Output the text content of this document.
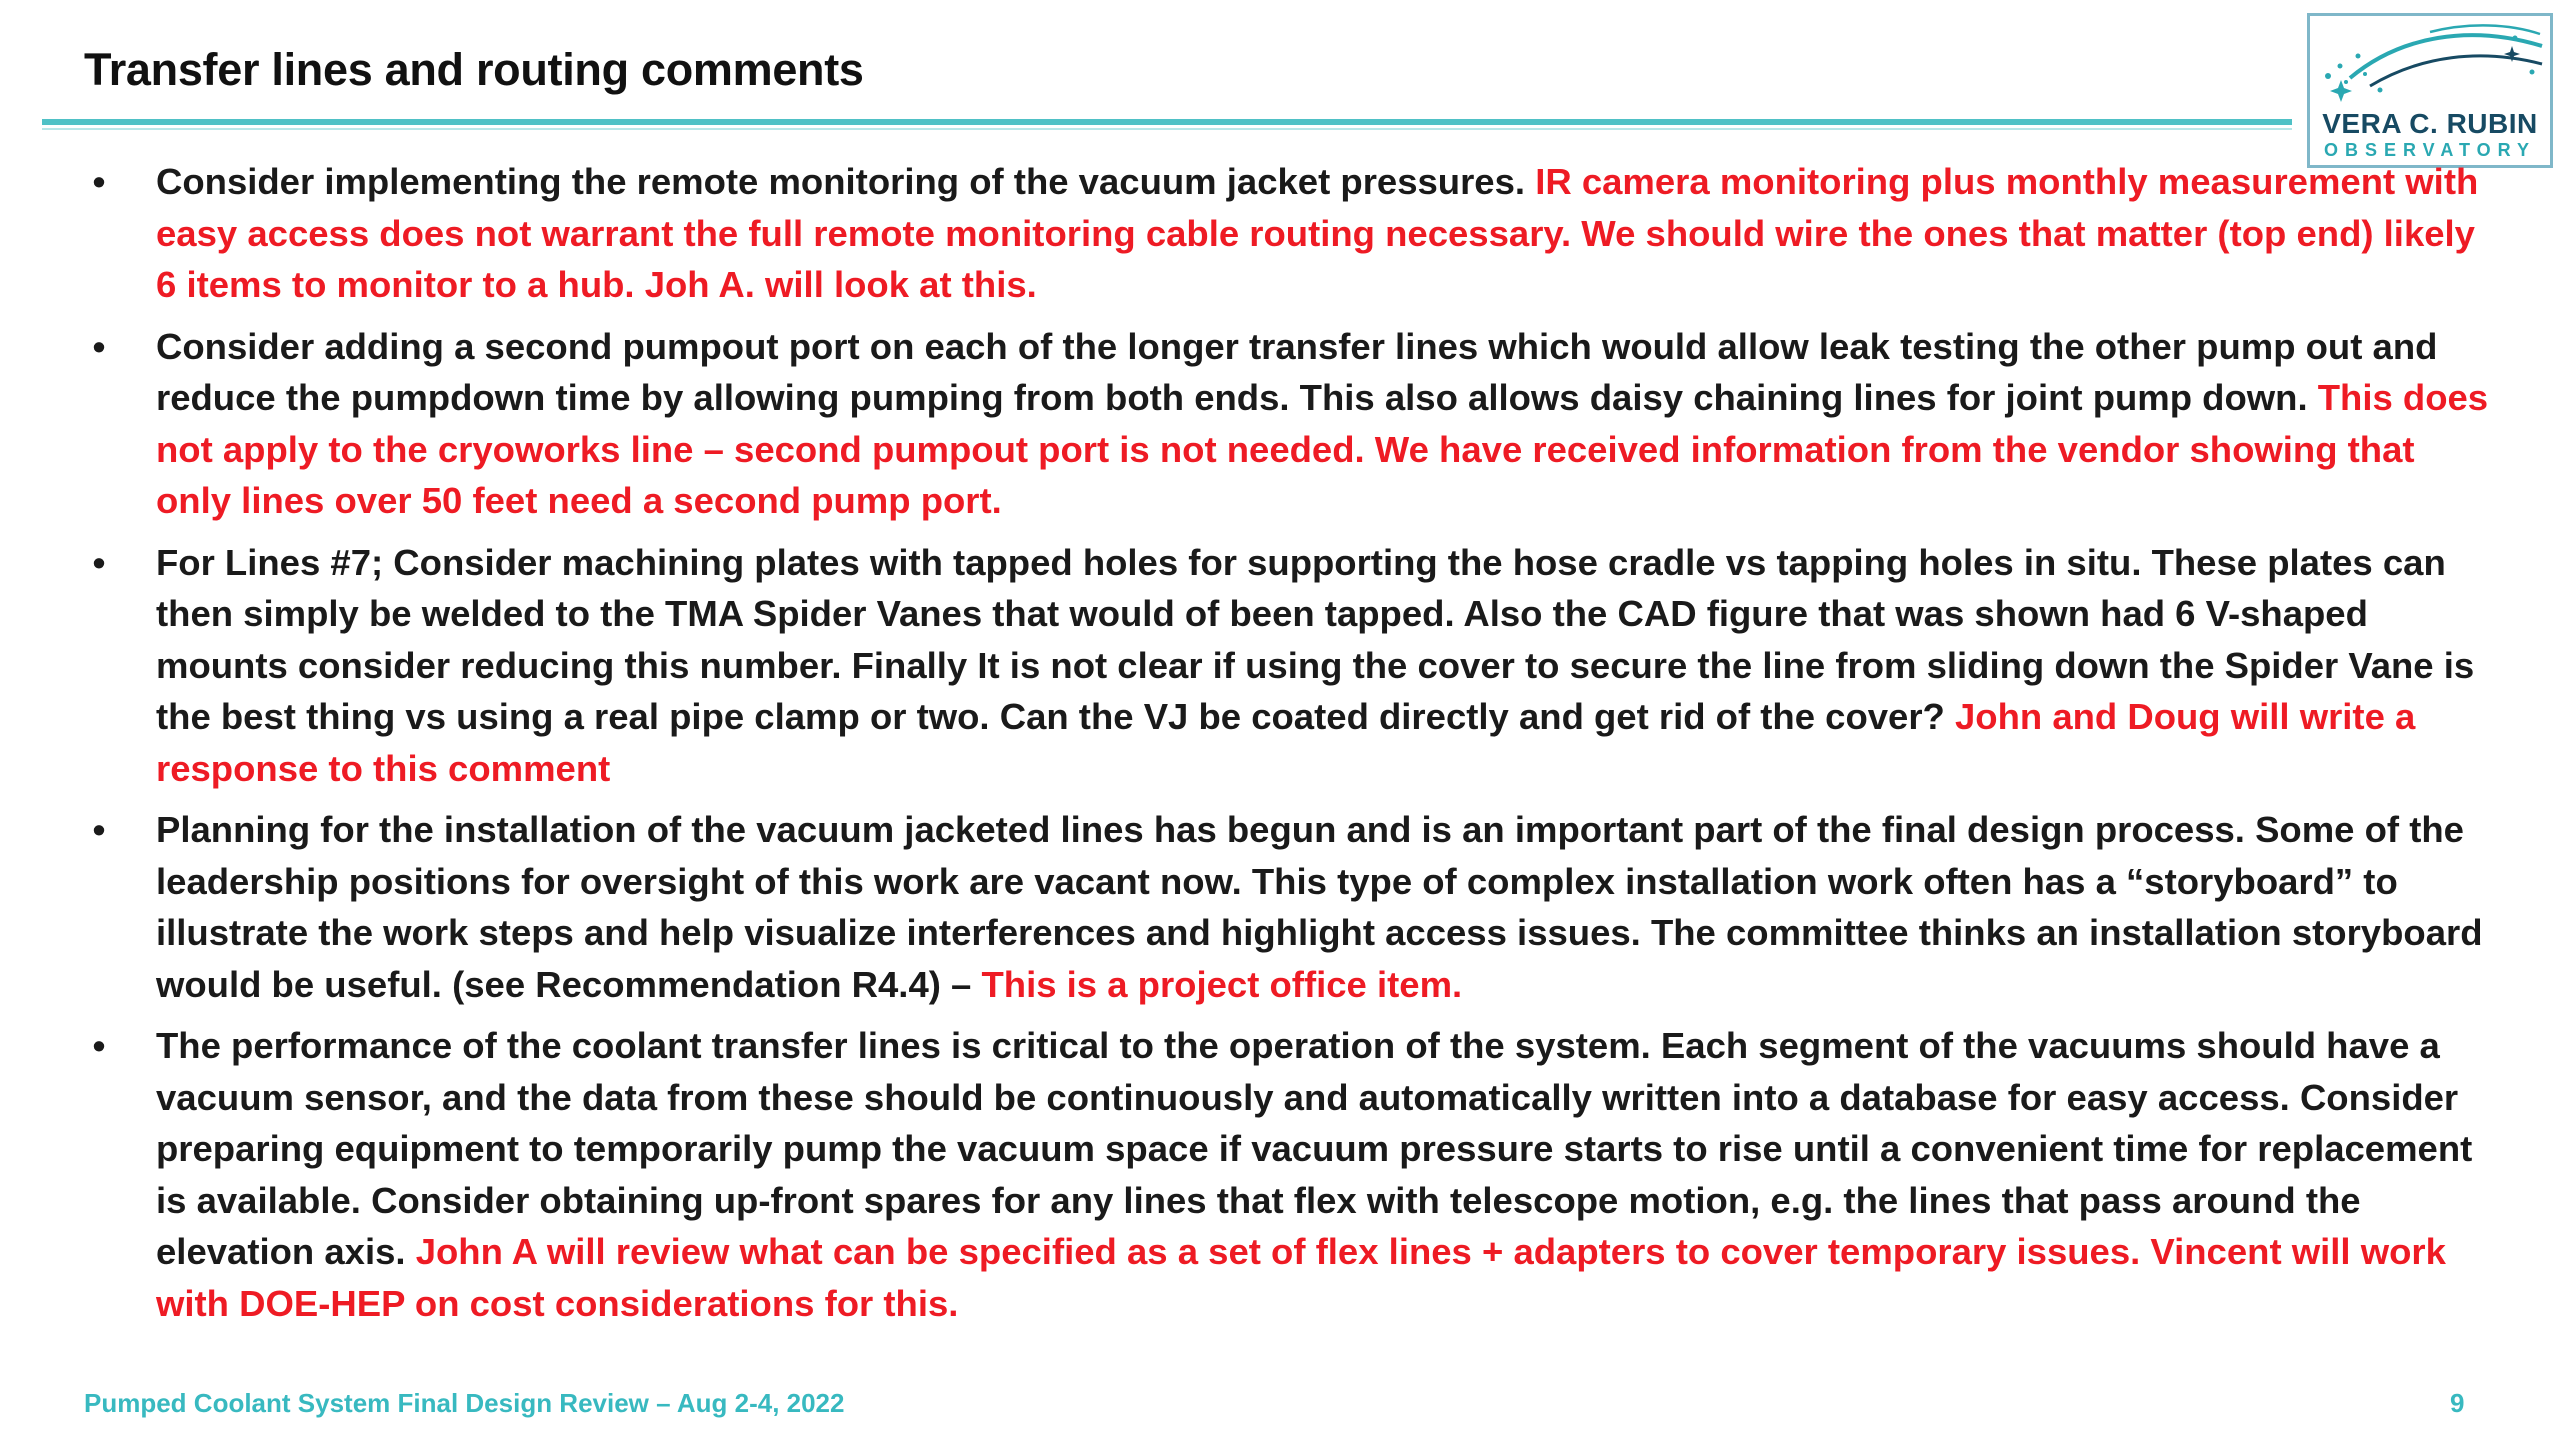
Transfer lines and routing comments
VERA C. RUBIN
OBSERVATORY
• Consider implementing the remote monitoring of the vacuum jacket pressures. IR camera monitoring plus monthly measurement with easy access does not warrant the full remote monitoring cable routing necessary. We should wire the ones that matter (top end) likely 6 items to monitor to a hub. Joh A. will look at this.
• Consider adding a second pumpout port on each of the longer transfer lines which would allow leak testing the other pump out and reduce the pumpdown time by allowing pumping from both ends. This also allows daisy chaining lines for joint pump down. This does not apply to the cryoworks line – second pumpout port is not needed. We have received information from the vendor showing that only lines over 50 feet need a second pump port.
• For Lines #7; Consider machining plates with tapped holes for supporting the hose cradle vs tapping holes in situ. These plates can then simply be welded to the TMA Spider Vanes that would of been tapped. Also the CAD figure that was shown had 6 V-shaped mounts consider reducing this number. Finally It is not clear if using the cover to secure the line from sliding down the Spider Vane is the best thing vs using a real pipe clamp or two. Can the VJ be coated directly and get rid of the cover? John and Doug will write a response to this comment
• Planning for the installation of the vacuum jacketed lines has begun and is an important part of the final design process. Some of the leadership positions for oversight of this work are vacant now. This type of complex installation work often has a “storyboard” to illustrate the work steps and help visualize interferences and highlight access issues. The committee thinks an installation storyboard would be useful. (see Recommendation R4.4) – This is a project office item.
• The performance of the coolant transfer lines is critical to the operation of the system. Each segment of the vacuums should have a vacuum sensor, and the data from these should be continuously and automatically written into a database for easy access. Consider preparing equipment to temporarily pump the vacuum space if vacuum pressure starts to rise until a convenient time for replacement is available. Consider obtaining up-front spares for any lines that flex with telescope motion, e.g. the lines that pass around the elevation axis. John A will review what can be specified as a set of flex lines + adapters to cover temporary issues. Vincent will work with DOE-HEP on cost considerations for this.
Pumped Coolant System Final Design Review – Aug 2-4, 2022	9
